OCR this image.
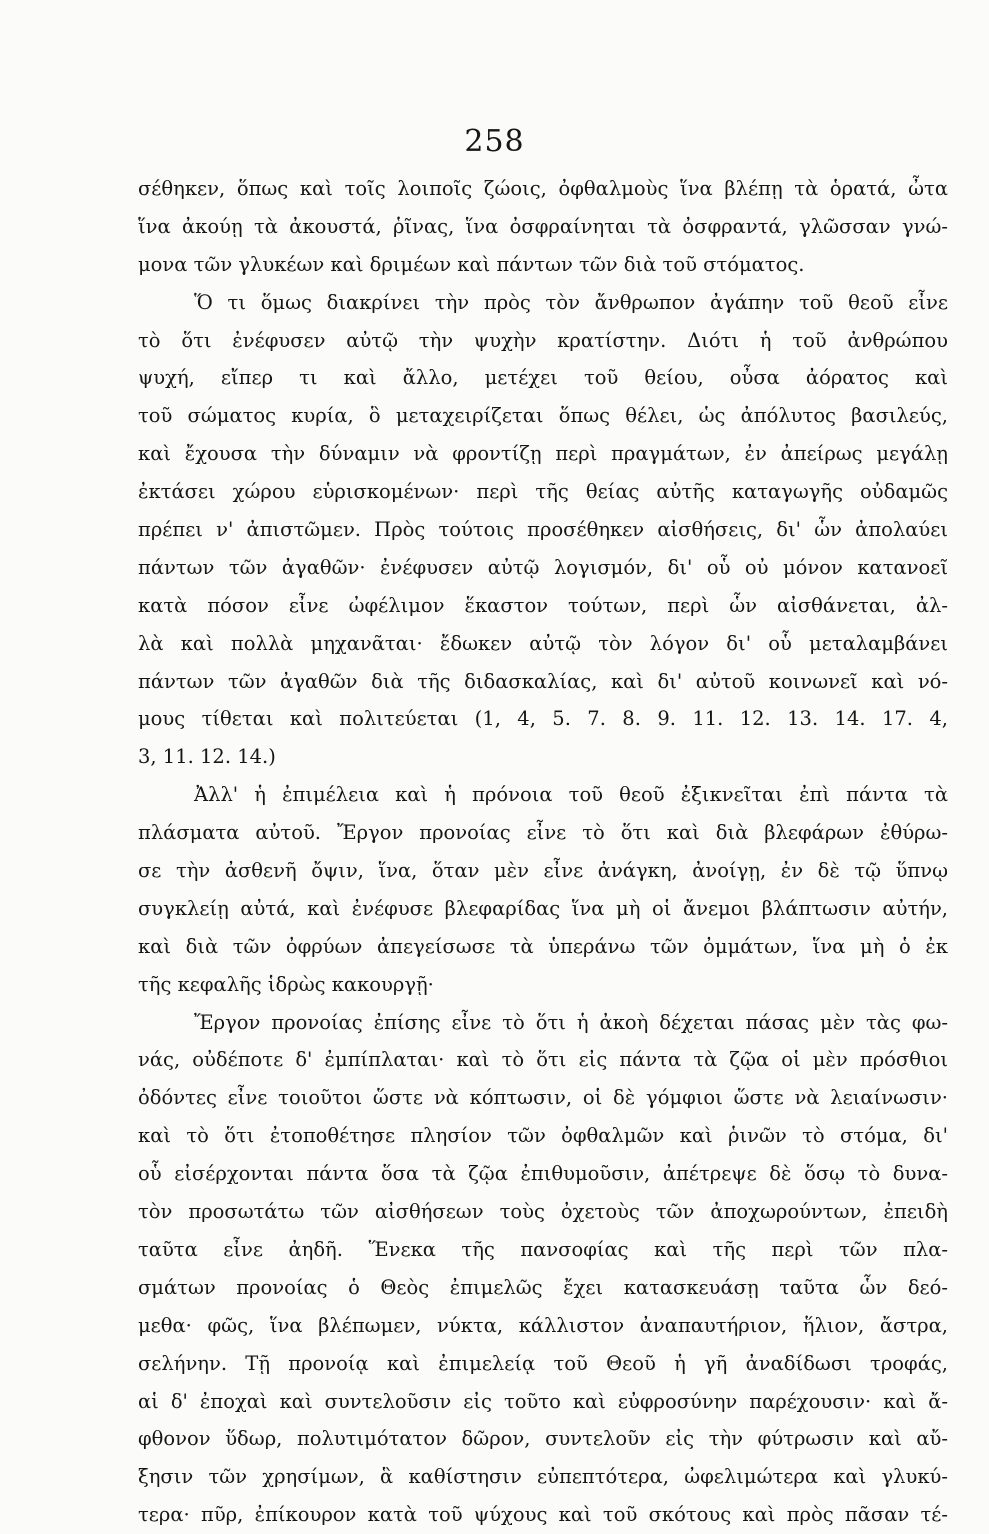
258
σέθηκεν, ὅπως καὶ τοῖς λοιποῖς ζώοις, ὀφθαλμοὺς ἵνα βλέπῃ τὰ ὁρατά, ὦτα
ἵνα ἀκούῃ τὰ ἀκουστά, ῥῖνας, ἵνα ὀσφραίνηται τὰ ὀσφραντά, γλῶσσαν γνώ-
μονα τῶν γλυκέων καὶ δριμέων καὶ πάντων τῶν διὰ τοῦ στόματος.
Ὅ τι ὅμως διακρίνει τὴν πρὸς τὸν ἄνθρωπον ἀγάπην τοῦ θεοῦ εἶνε
τὸ ὅτι ἐνέφυσεν αὐτῷ τὴν ψυχὴν κρατίστην. Διότι ἡ τοῦ ἀνθρώπου
ψυχή, εἴπερ τι καὶ ἄλλο, μετέχει τοῦ θείου, οὖσα ἀόρατος καὶ
τοῦ σώματος κυρία, ὃ μεταχειρίζεται ὅπως θέλει, ὡς ἀπόλυτος βασιλεύς,
καὶ ἔχουσα τὴν δύναμιν νὰ φροντίζῃ περὶ πραγμάτων, ἐν ἀπείρως μεγάλῃ
ἐκτάσει χώρου εὑρισκομένων· περὶ τῆς θείας αὐτῆς καταγωγῆς οὐδαμῶς
πρέπει ν' ἀπιστῶμεν. Πρὸς τούτοις προσέθηκεν αἰσθήσεις, δι' ὧν ἀπολαύει
πάντων τῶν ἀγαθῶν· ἐνέφυσεν αὐτῷ λογισμόν, δι' οὗ οὐ μόνον κατανοεῖ
κατὰ πόσον εἶνε ὠφέλιμον ἕκαστον τούτων, περὶ ὧν αἰσθάνεται, ἀλ-
λὰ καὶ πολλὰ μηχανᾶται· ἔδωκεν αὐτῷ τὸν λόγον δι' οὗ μεταλαμβάνει
πάντων τῶν ἀγαθῶν διὰ τῆς διδασκαλίας, καὶ δι' αὐτοῦ κοινωνεῖ καὶ νό-
μους τίθεται καὶ πολιτεύεται (1, 4, 5. 7. 8. 9. 11. 12. 13. 14. 17. 4,
3, 11. 12. 14.)
Ἀλλ' ἡ ἐπιμέλεια καὶ ἡ πρόνοια τοῦ θεοῦ ἐξικνεῖται ἐπὶ πάντα τὰ
πλάσματα αὐτοῦ. Ἔργον προνοίας εἶνε τὸ ὅτι καὶ διὰ βλεφάρων ἐθύρω-
σε τὴν ἀσθενῆ ὄψιν, ἵνα, ὅταν μὲν εἶνε ἀνάγκη, ἀνοίγῃ, ἐν δὲ τῷ ὕπνῳ
συγκλείῃ αὐτά, καὶ ἐνέφυσε βλεφαρίδας ἵνα μὴ οἱ ἄνεμοι βλάπτωσιν αὐτήν,
καὶ διὰ τῶν ὀφρύων ἀπεγείσωσε τὰ ὑπεράνω τῶν ὀμμάτων, ἵνα μὴ ὁ ἐκ
τῆς κεφαλῆς ἱδρὼς κακουργῇ·
Ἔργον προνοίας ἐπίσης εἶνε τὸ ὅτι ἡ ἀκοὴ δέχεται πάσας μὲν τὰς φω-
νάς, οὐδέποτε δ' ἐμπίπλαται· καὶ τὸ ὅτι εἰς πάντα τὰ ζῷα οἱ μὲν πρόσθιοι
ὀδόντες εἶνε τοιοῦτοι ὥστε νὰ κόπτωσιν, οἱ δὲ γόμφιοι ὥστε νὰ λειαίνωσιν·
καὶ τὸ ὅτι ἐτοποθέτησε πλησίον τῶν ὀφθαλμῶν καὶ ῥινῶν τὸ στόμα, δι'
οὗ εἰσέρχονται πάντα ὅσα τὰ ζῷα ἐπιθυμοῦσιν, ἀπέτρεψε δὲ ὅσῳ τὸ δυνα-
τὸν προσωτάτω τῶν αἰσθήσεων τοὺς ὀχετοὺς τῶν ἀποχωρούντων, ἐπειδὴ
ταῦτα εἶνε ἀηδῆ. Ἕνεκα τῆς πανσοφίας καὶ τῆς περὶ τῶν πλα-
σμάτων προνοίας ὁ Θεὸς ἐπιμελῶς ἔχει κατασκευάσῃ ταῦτα ὧν δεό-
μεθα· φῶς, ἵνα βλέπωμεν, νύκτα, κάλλιστον ἀναπαυτήριον, ἥλιον, ἄστρα,
σελήνην. Τῇ προνοίᾳ καὶ ἐπιμελείᾳ τοῦ Θεοῦ ἡ γῆ ἀναδίδωσι τροφάς,
αἱ δ' ἐποχαὶ καὶ συντελοῦσιν εἰς τοῦτο καὶ εὐφροσύνην παρέχουσιν· καὶ ἄ-
φθονον ὕδωρ, πολυτιμότατον δῶρον, συντελοῦν εἰς τὴν φύτρωσιν καὶ αὔ-
ξησιν τῶν χρησίμων, ἃ καθίστησιν εὐπεπτότερα, ὠφελιμώτερα καὶ γλυκύ-
τερα· πῦρ, ἐπίκουρον κατὰ τοῦ ψύχους καὶ τοῦ σκότους καὶ πρὸς πᾶσαν τέ-
